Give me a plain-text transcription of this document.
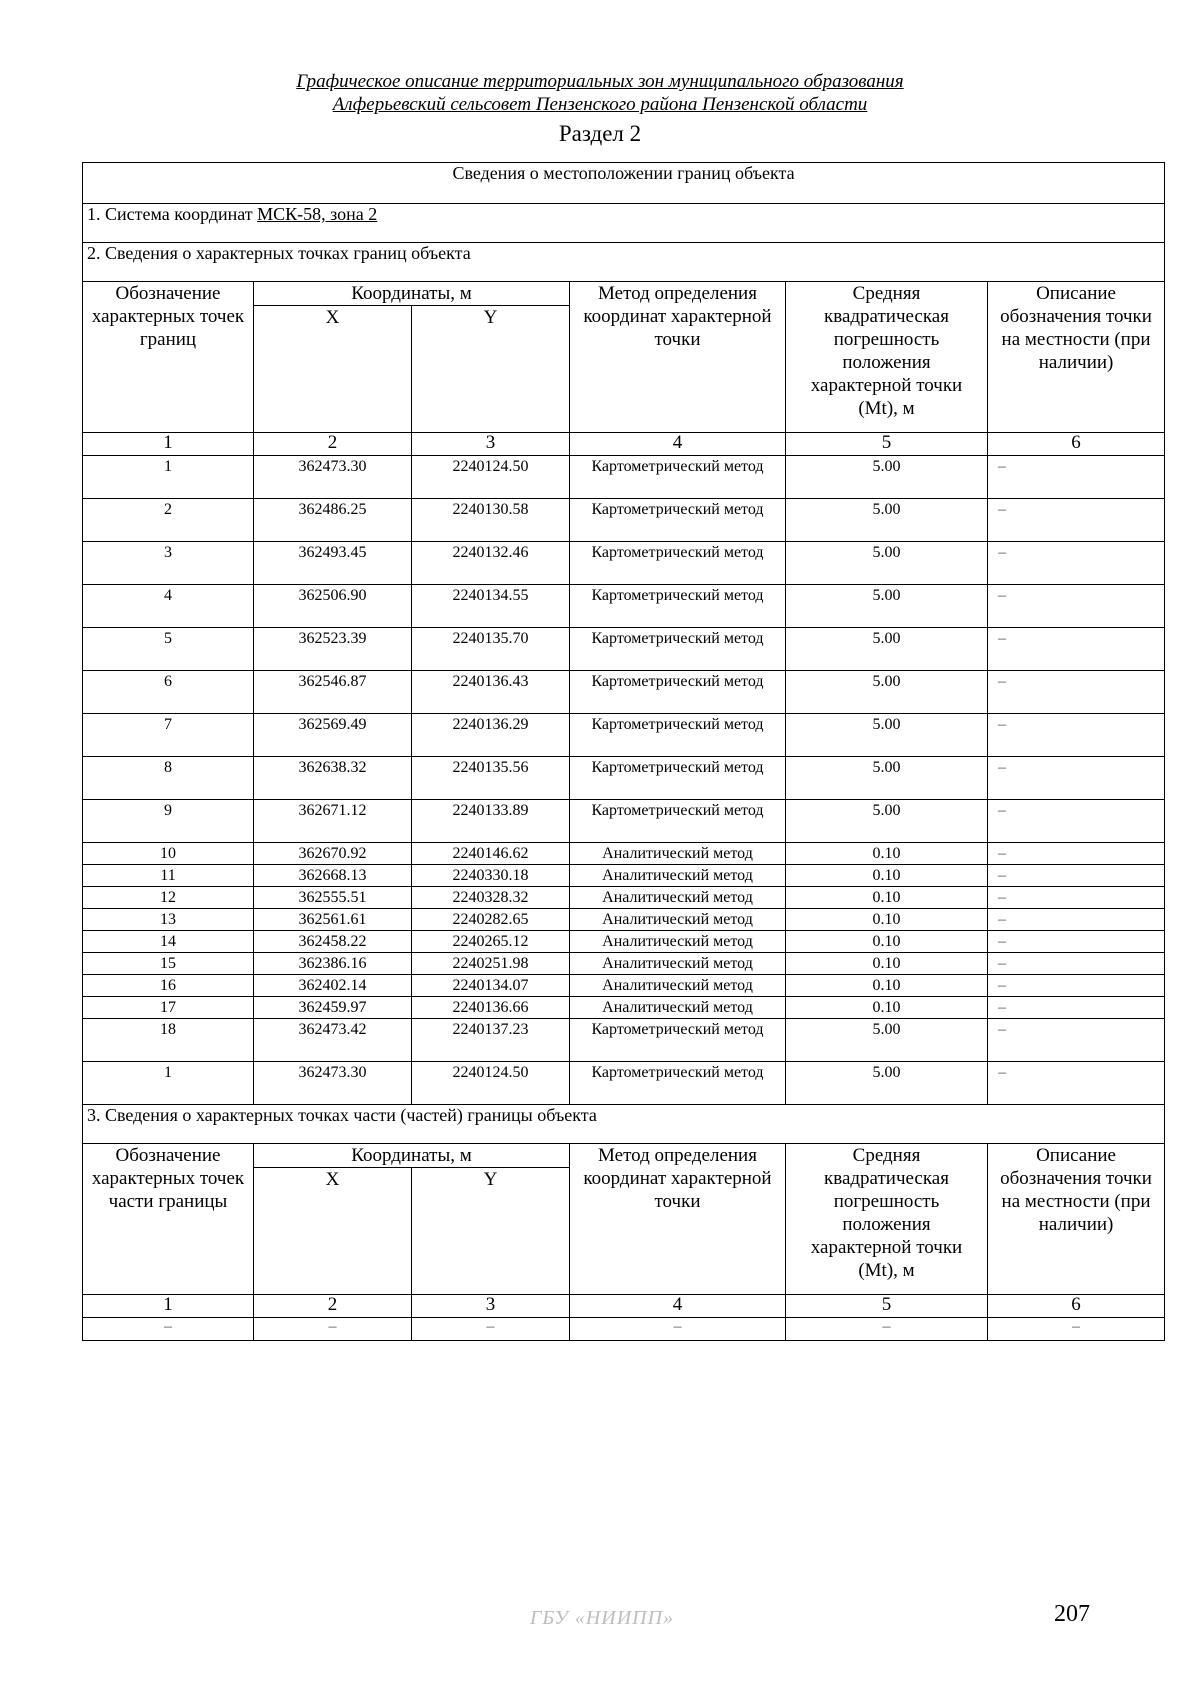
Графическое описание территориальных зон муниципального образования
Алферьевский сельсовет Пензенского района Пензенской области
Раздел 2
Сведения о местоположении границ объекта					
1. Система координат МСК-58, зона 2					
2. Сведения о характерных точках границ объекта					
Обозначение характерных точек границ	Координаты, м		Метод определения координат характерной точки	Средняя квадратическая погрешность положения характерной точки (Mt), м	Описание обозначения точки на местности (при наличии)
	X	Y			
1	2	3	4	5	6
1	362473.30	2240124.50	Картометрический метод	5.00	–
2	362486.25	2240130.58	Картометрический метод	5.00	–
3	362493.45	2240132.46	Картометрический метод	5.00	–
4	362506.90	2240134.55	Картометрический метод	5.00	–
5	362523.39	2240135.70	Картометрический метод	5.00	–
6	362546.87	2240136.43	Картометрический метод	5.00	–
7	362569.49	2240136.29	Картометрический метод	5.00	–
8	362638.32	2240135.56	Картометрический метод	5.00	–
9	362671.12	2240133.89	Картометрический метод	5.00	–
10	362670.92	2240146.62	Аналитический метод	0.10	–
11	362668.13	2240330.18	Аналитический метод	0.10	–
12	362555.51	2240328.32	Аналитический метод	0.10	–
13	362561.61	2240282.65	Аналитический метод	0.10	–
14	362458.22	2240265.12	Аналитический метод	0.10	–
15	362386.16	2240251.98	Аналитический метод	0.10	–
16	362402.14	2240134.07	Аналитический метод	0.10	–
17	362459.97	2240136.66	Аналитический метод	0.10	–
18	362473.42	2240137.23	Картометрический метод	5.00	–
1	362473.30	2240124.50	Картометрический метод	5.00	–
3. Сведения о характерных точках части (частей) границы объекта					
Обозначение характерных точек части границы	Координаты, м		Метод определения координат характерной точки	Средняя квадратическая погрешность положения характерной точки (Mt), м	Описание обозначения точки на местности (при наличии)
	X	Y			
1	2	3	4	5	6
–	–	–	–	–	–
ГБУ «НИИПП»	207
